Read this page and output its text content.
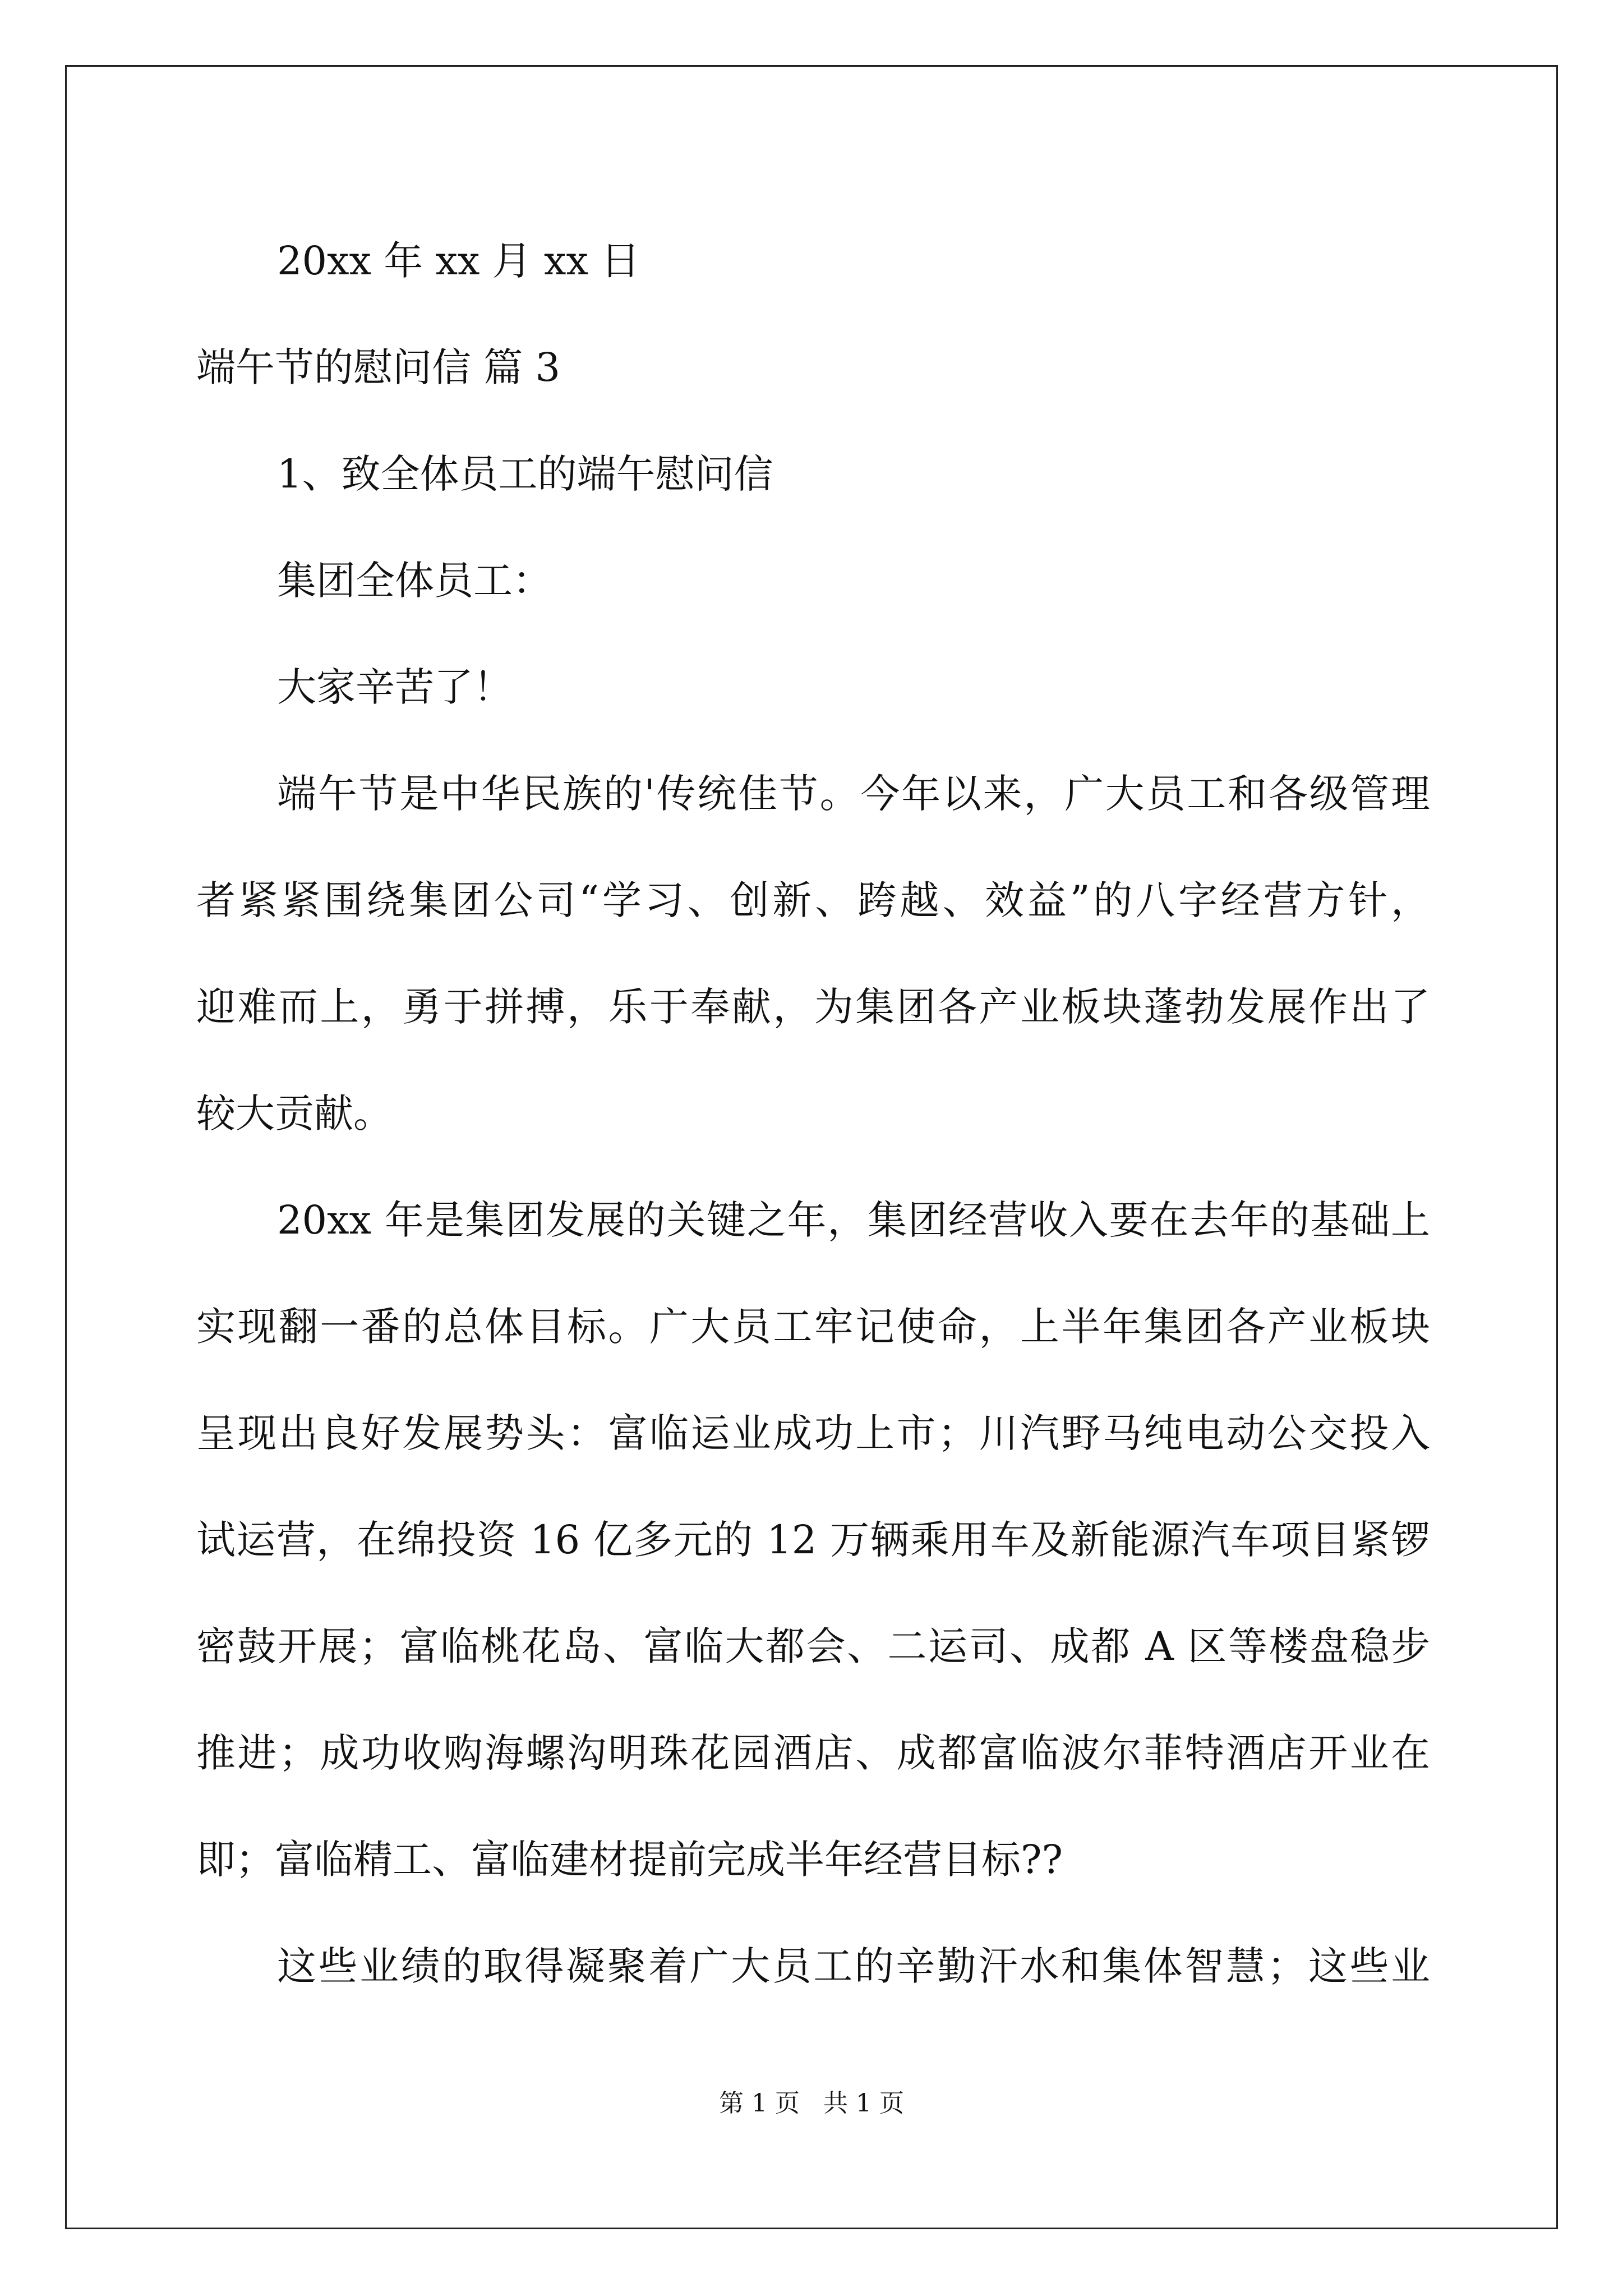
20xx 年 xx 月 xx 日
端午节的慰问信 篇 3
1、致全体员工的端午慰问信
集团全体员工：
大家辛苦了！
端午节是中华民族的'传统佳节。今年以来，广大员工和各级管理
者紧紧围绕集团公司“学习、创新、跨越、效益”的八字经营方针，
迎难而上，勇于拼搏，乐于奉献，为集团各产业板块蓬勃发展作出了
较大贡献。
20xx 年是集团发展的关键之年，集团经营收入要在去年的基础上
实现翻一番的总体目标。广大员工牢记使命，上半年集团各产业板块
呈现出良好发展势头：富临运业成功上市；川汽野马纯电动公交投入
试运营，在绵投资 16 亿多元的 12 万辆乘用车及新能源汽车项目紧锣
密鼓开展；富临桃花岛、富临大都会、二运司、成都 A 区等楼盘稳步
推进；成功收购海螺沟明珠花园酒店、成都富临波尔菲特酒店开业在
即；富临精工、富临建材提前完成半年经营目标??
这些业绩的取得凝聚着广大员工的辛勤汗水和集体智慧；这些业
第 1 页   共 1 页
